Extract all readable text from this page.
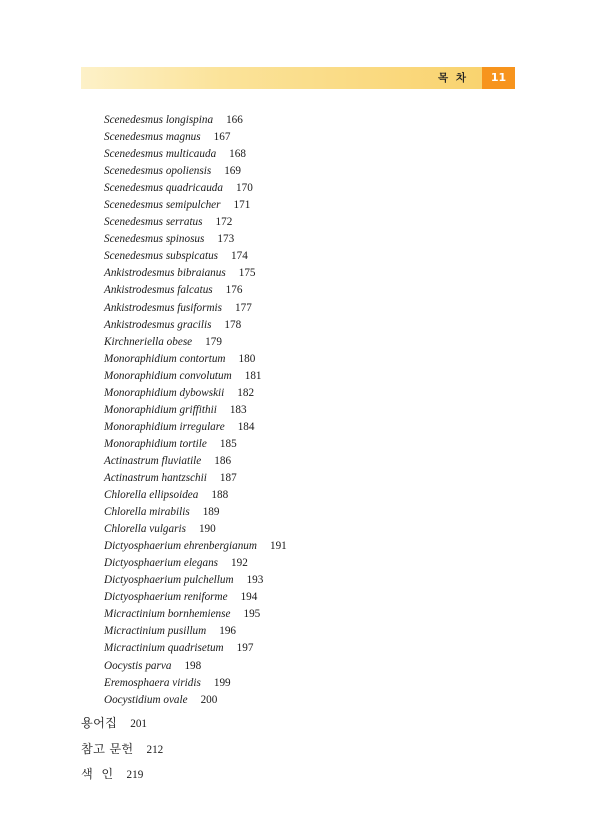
목 차	11
Scenedesmus longispina 166
Scenedesmus magnus 167
Scenedesmus multicauda 168
Scenedesmus opoliensis 169
Scenedesmus quadricauda 170
Scenedesmus semipulcher 171
Scenedesmus serratus 172
Scenedesmus spinosus 173
Scenedesmus subspicatus 174
Ankistrodesmus bibraianus 175
Ankistrodesmus falcatus 176
Ankistrodesmus fusiformis 177
Ankistrodesmus gracilis 178
Kirchneriella obese 179
Monoraphidium contortum 180
Monoraphidium convolutum 181
Monoraphidium dybowskii 182
Monoraphidium griffithii 183
Monoraphidium irregulare 184
Monoraphidium tortile 185
Actinastrum fluviatile 186
Actinastrum hantzschii 187
Chlorella ellipsoidea 188
Chlorella mirabilis 189
Chlorella vulgaris 190
Dictyosphaerium ehrenbergianum 191
Dictyosphaerium elegans 192
Dictyosphaerium pulchellum 193
Dictyosphaerium reniforme 194
Micractinium bornhemiense 195
Micractinium pusillum 196
Micractinium quadrisetum 197
Oocystis parva 198
Eremosphaera viridis 199
Oocystidium ovale 200
용어집 201
참고 문헌 212
색  인 219
